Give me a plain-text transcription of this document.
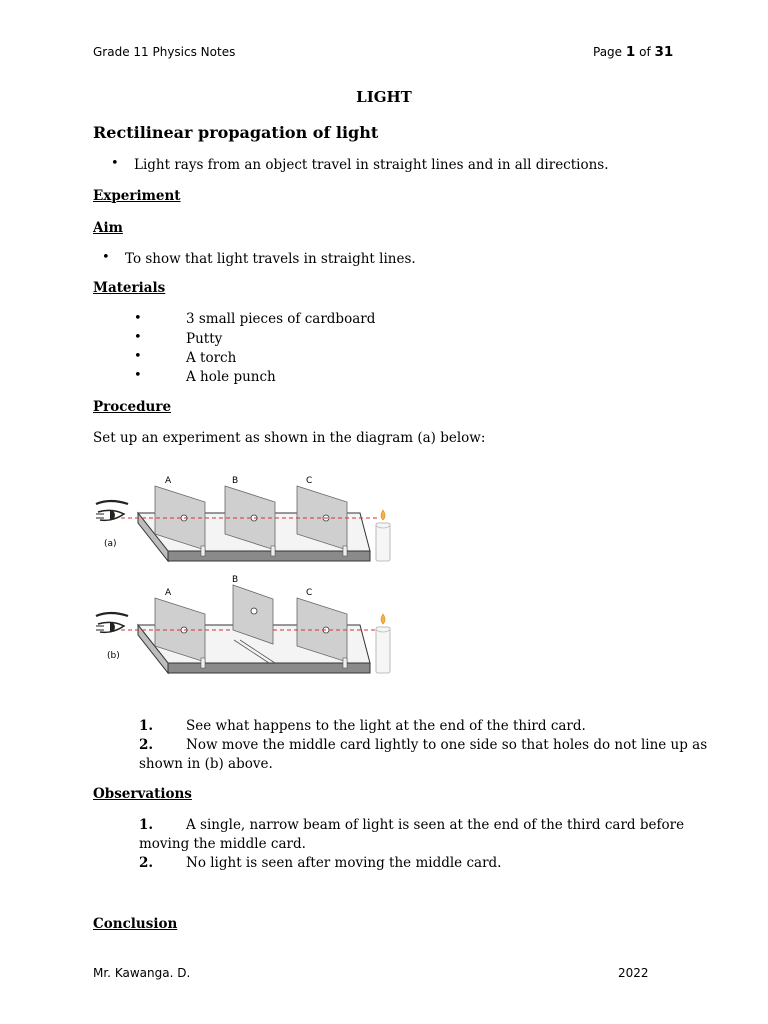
Grade 11 Physics Notes	Page 1 of 31
LIGHT
Rectilinear propagation of light
• Light rays from an object travel in straight lines and in all directions.
Experiment
Aim
• To show that light travels in straight lines.
Materials
•	3 small pieces of cardboard
•	Putty
•	A torch
•	A hole punch
Procedure
Set up an experiment as shown in the diagram (a) below:
A	B	C
(a)
A
B
C
(b)
1. See what happens to the light at the end of the third card.
2. Now move the middle card lightly to one side so that holes do not line up as
shown in (b) above.
Observations
1. A single, narrow beam of light is seen at the end of the third card before
moving the middle card.
2. No light is seen after moving the middle card.
Conclusion
Mr. Kawanga. D.	2022
